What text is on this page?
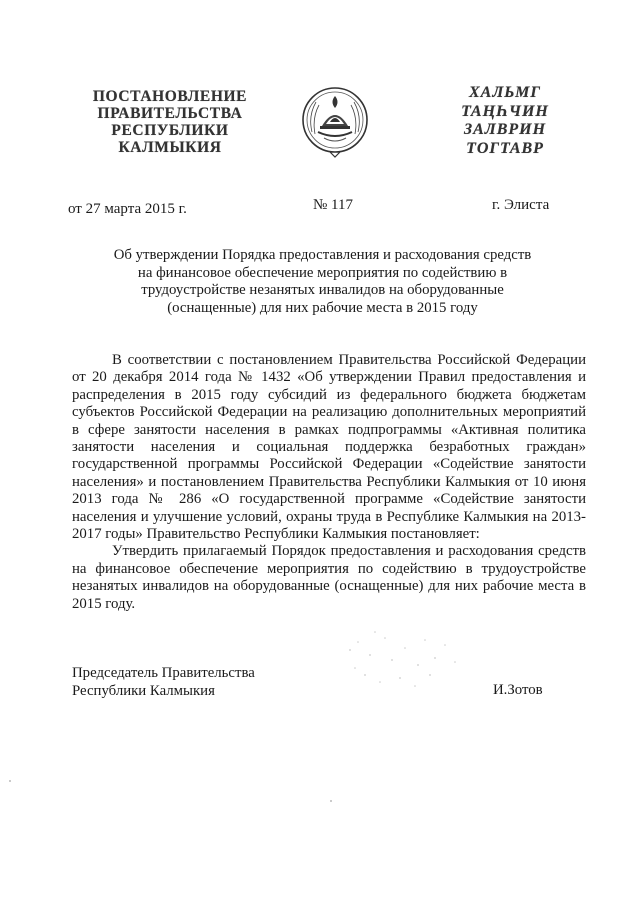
ПОСТАНОВЛЕНИЕ
ПРАВИТЕЛЬСТВА
РЕСПУБЛИКИ
КАЛМЫКИЯ
ХАЛЬМГ
ТАҢҺЧИН
ЗАЛВРИН
ТОГТАВР
от 27 марта 2015 г.	№ 117	г. Элиста
Об утверждении Порядка предоставления и расходования средств
на финансовое обеспечение мероприятия по содействию в
трудоустройстве незанятых инвалидов на оборудованные
(оснащенные) для них рабочие места в 2015 году

В соответствии с постановлением Правительства Российской Федерации от 20 декабря 2014 года № 1432 «Об утверждении Правил предоставления и распределения в 2015 году субсидий из федерального бюджета бюджетам субъектов Российской Федерации на реализацию дополнительных мероприятий в сфере занятости населения в рамках подпрограммы «Активная политика занятости населения и социальная поддержка безработных граждан» государственной программы Российской Федерации «Содействие занятости населения» и постановлением Правительства Республики Калмыкия от 10 июня 2013 года № 286 «О государственной программе «Содействие занятости населения и улучшение условий, охраны труда в Республике Калмыкия на 2013-2017 годы» Правительство Республики Калмыкия постановляет:

Утвердить прилагаемый Порядок предоставления и расходования средств на финансовое обеспечение мероприятия по содействию в трудоустройстве незанятых инвалидов на оборудованные (оснащенные) для них рабочие места в 2015 году.

Председатель Правительства
Республики Калмыкия	И.Зотов
